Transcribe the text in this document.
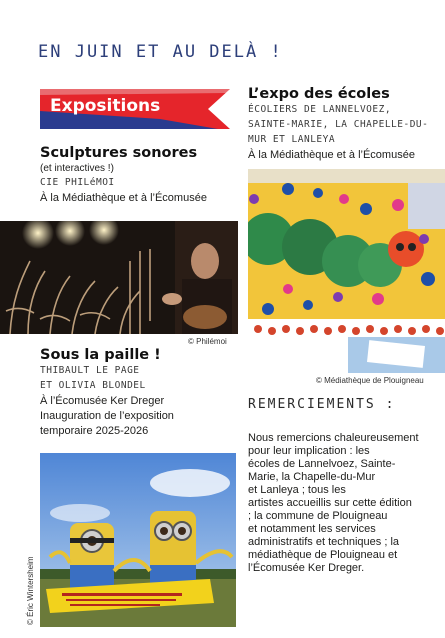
EN JUIN ET AU DELÀ !
Expositions
Sculptures sonores
(et interactives !)
CIE PHILéMOI
À la Médiathèque et à l’Écomusée
© Philémoi
Sous la paille !
THIBAULT LE PAGE
ET OLIVIA BLONDEL
À l’Écomusée Ker Dreger
Inauguration de l’exposition
temporaire 2025-2026
© Éric Wintersheim
L’expo des écoles
ÉCOLIERS DE LANNELVOEZ,
SAINTE-MARIE, LA CHAPELLE-DU-
MUR ET LANLEYA
À la Médiathèque et à l’Écomusée
© Médiathèque de Plouigneau
REMERCIEMENTS :
Nous remercions chaleureusement
pour leur implication : les
écoles de Lannelvoez, Sainte-
Marie, la Chapelle-du-Mur
et Lanleya ; tous les
artistes accueillis sur cette édition
; la commune de Plouigneau
et notamment les services
administratifs et techniques ; la
médiathèque de Plouigneau et
l’Écomusée Ker Dreger.
